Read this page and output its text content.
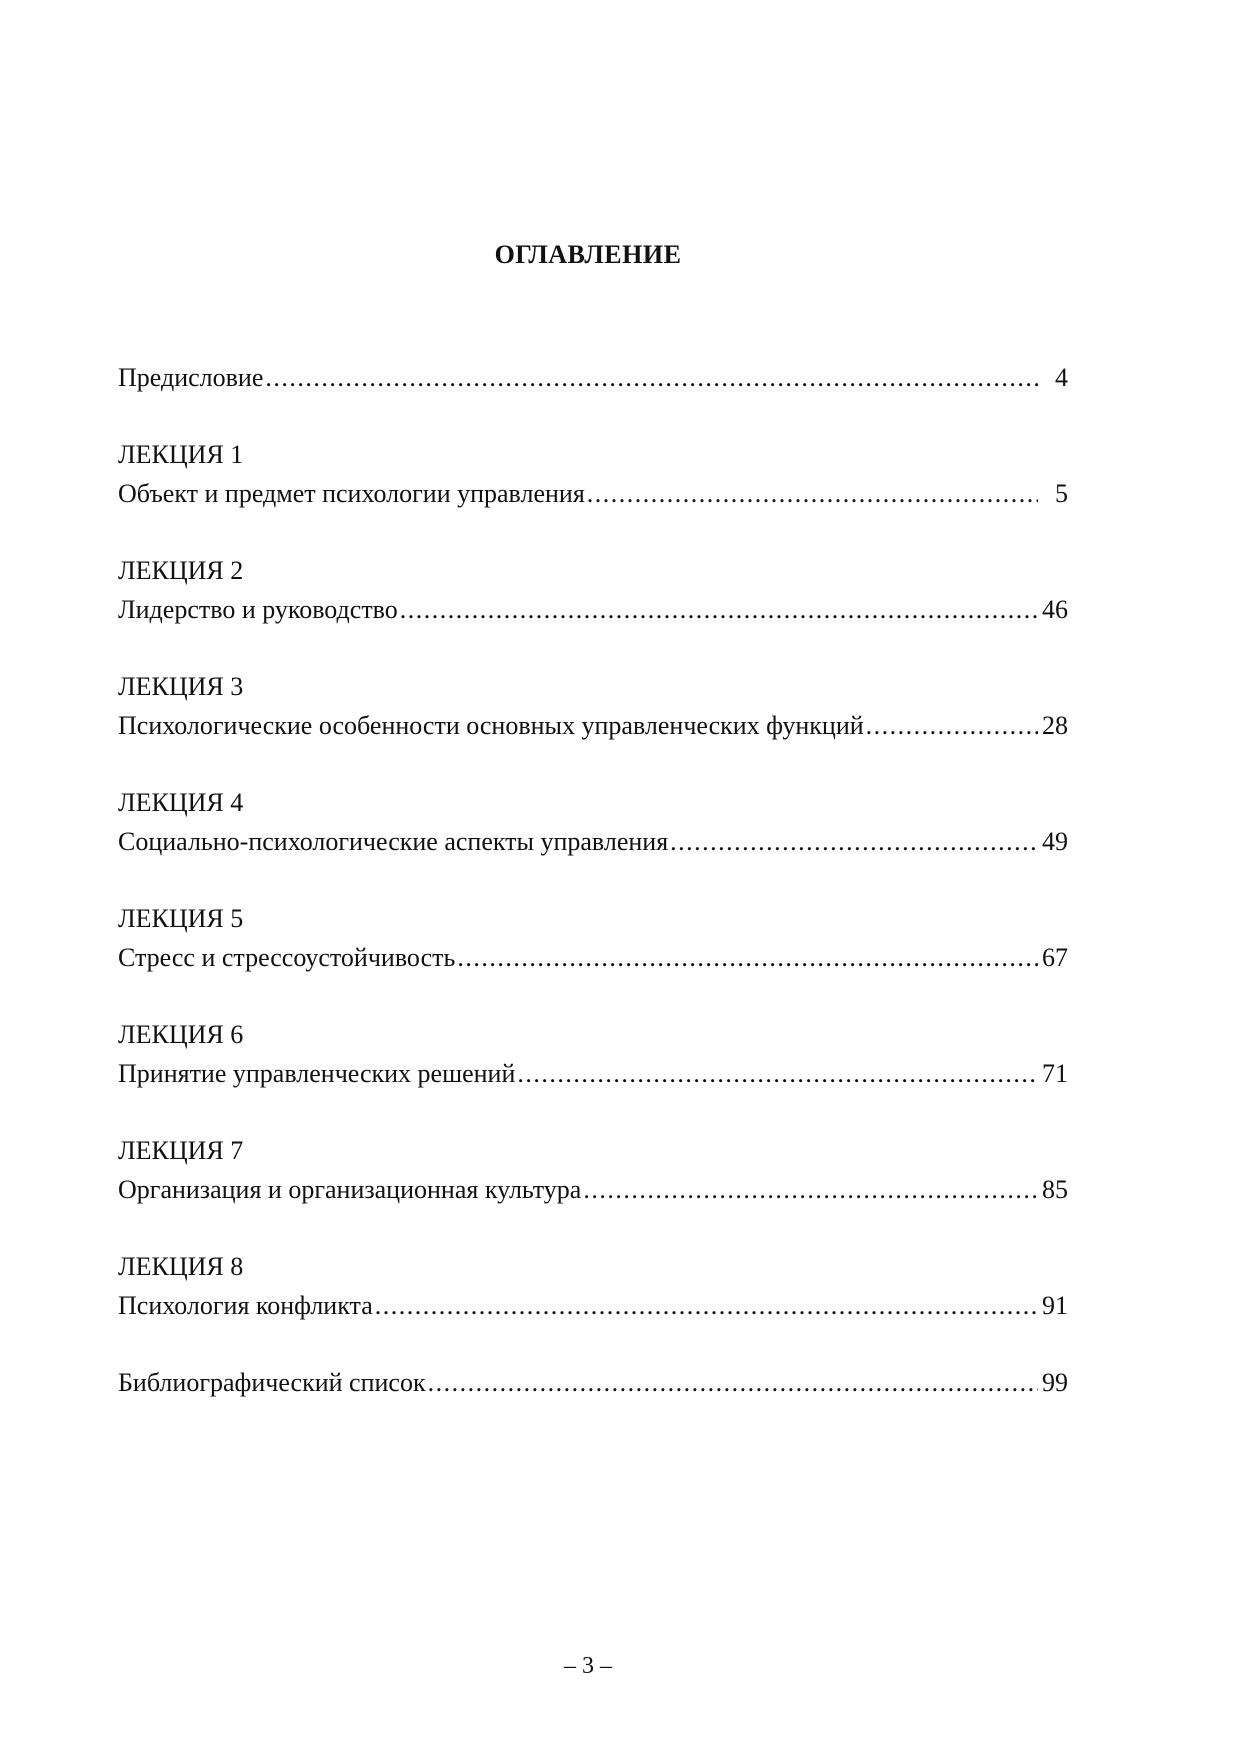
ОГЛАВЛЕНИЕ
Предисловие . . .	4
ЛЕКЦИЯ 1
Объект и предмет психологии управления . . .	5
ЛЕКЦИЯ 2
Лидерство и руководство . . .	46
ЛЕКЦИЯ 3
Психологические особенности основных управленческих функций . . .	28
ЛЕКЦИЯ 4
Социально-психологические аспекты управления . . .	49
ЛЕКЦИЯ 5
Стресс и стрессоустойчивость . . .	67
ЛЕКЦИЯ 6
Принятие управленческих решений . . .	71
ЛЕКЦИЯ 7
Организация и организационная культура . . .	85
ЛЕКЦИЯ 8
Психология конфликта . . .	91
Библиографический список . . .	99
– 3 –
